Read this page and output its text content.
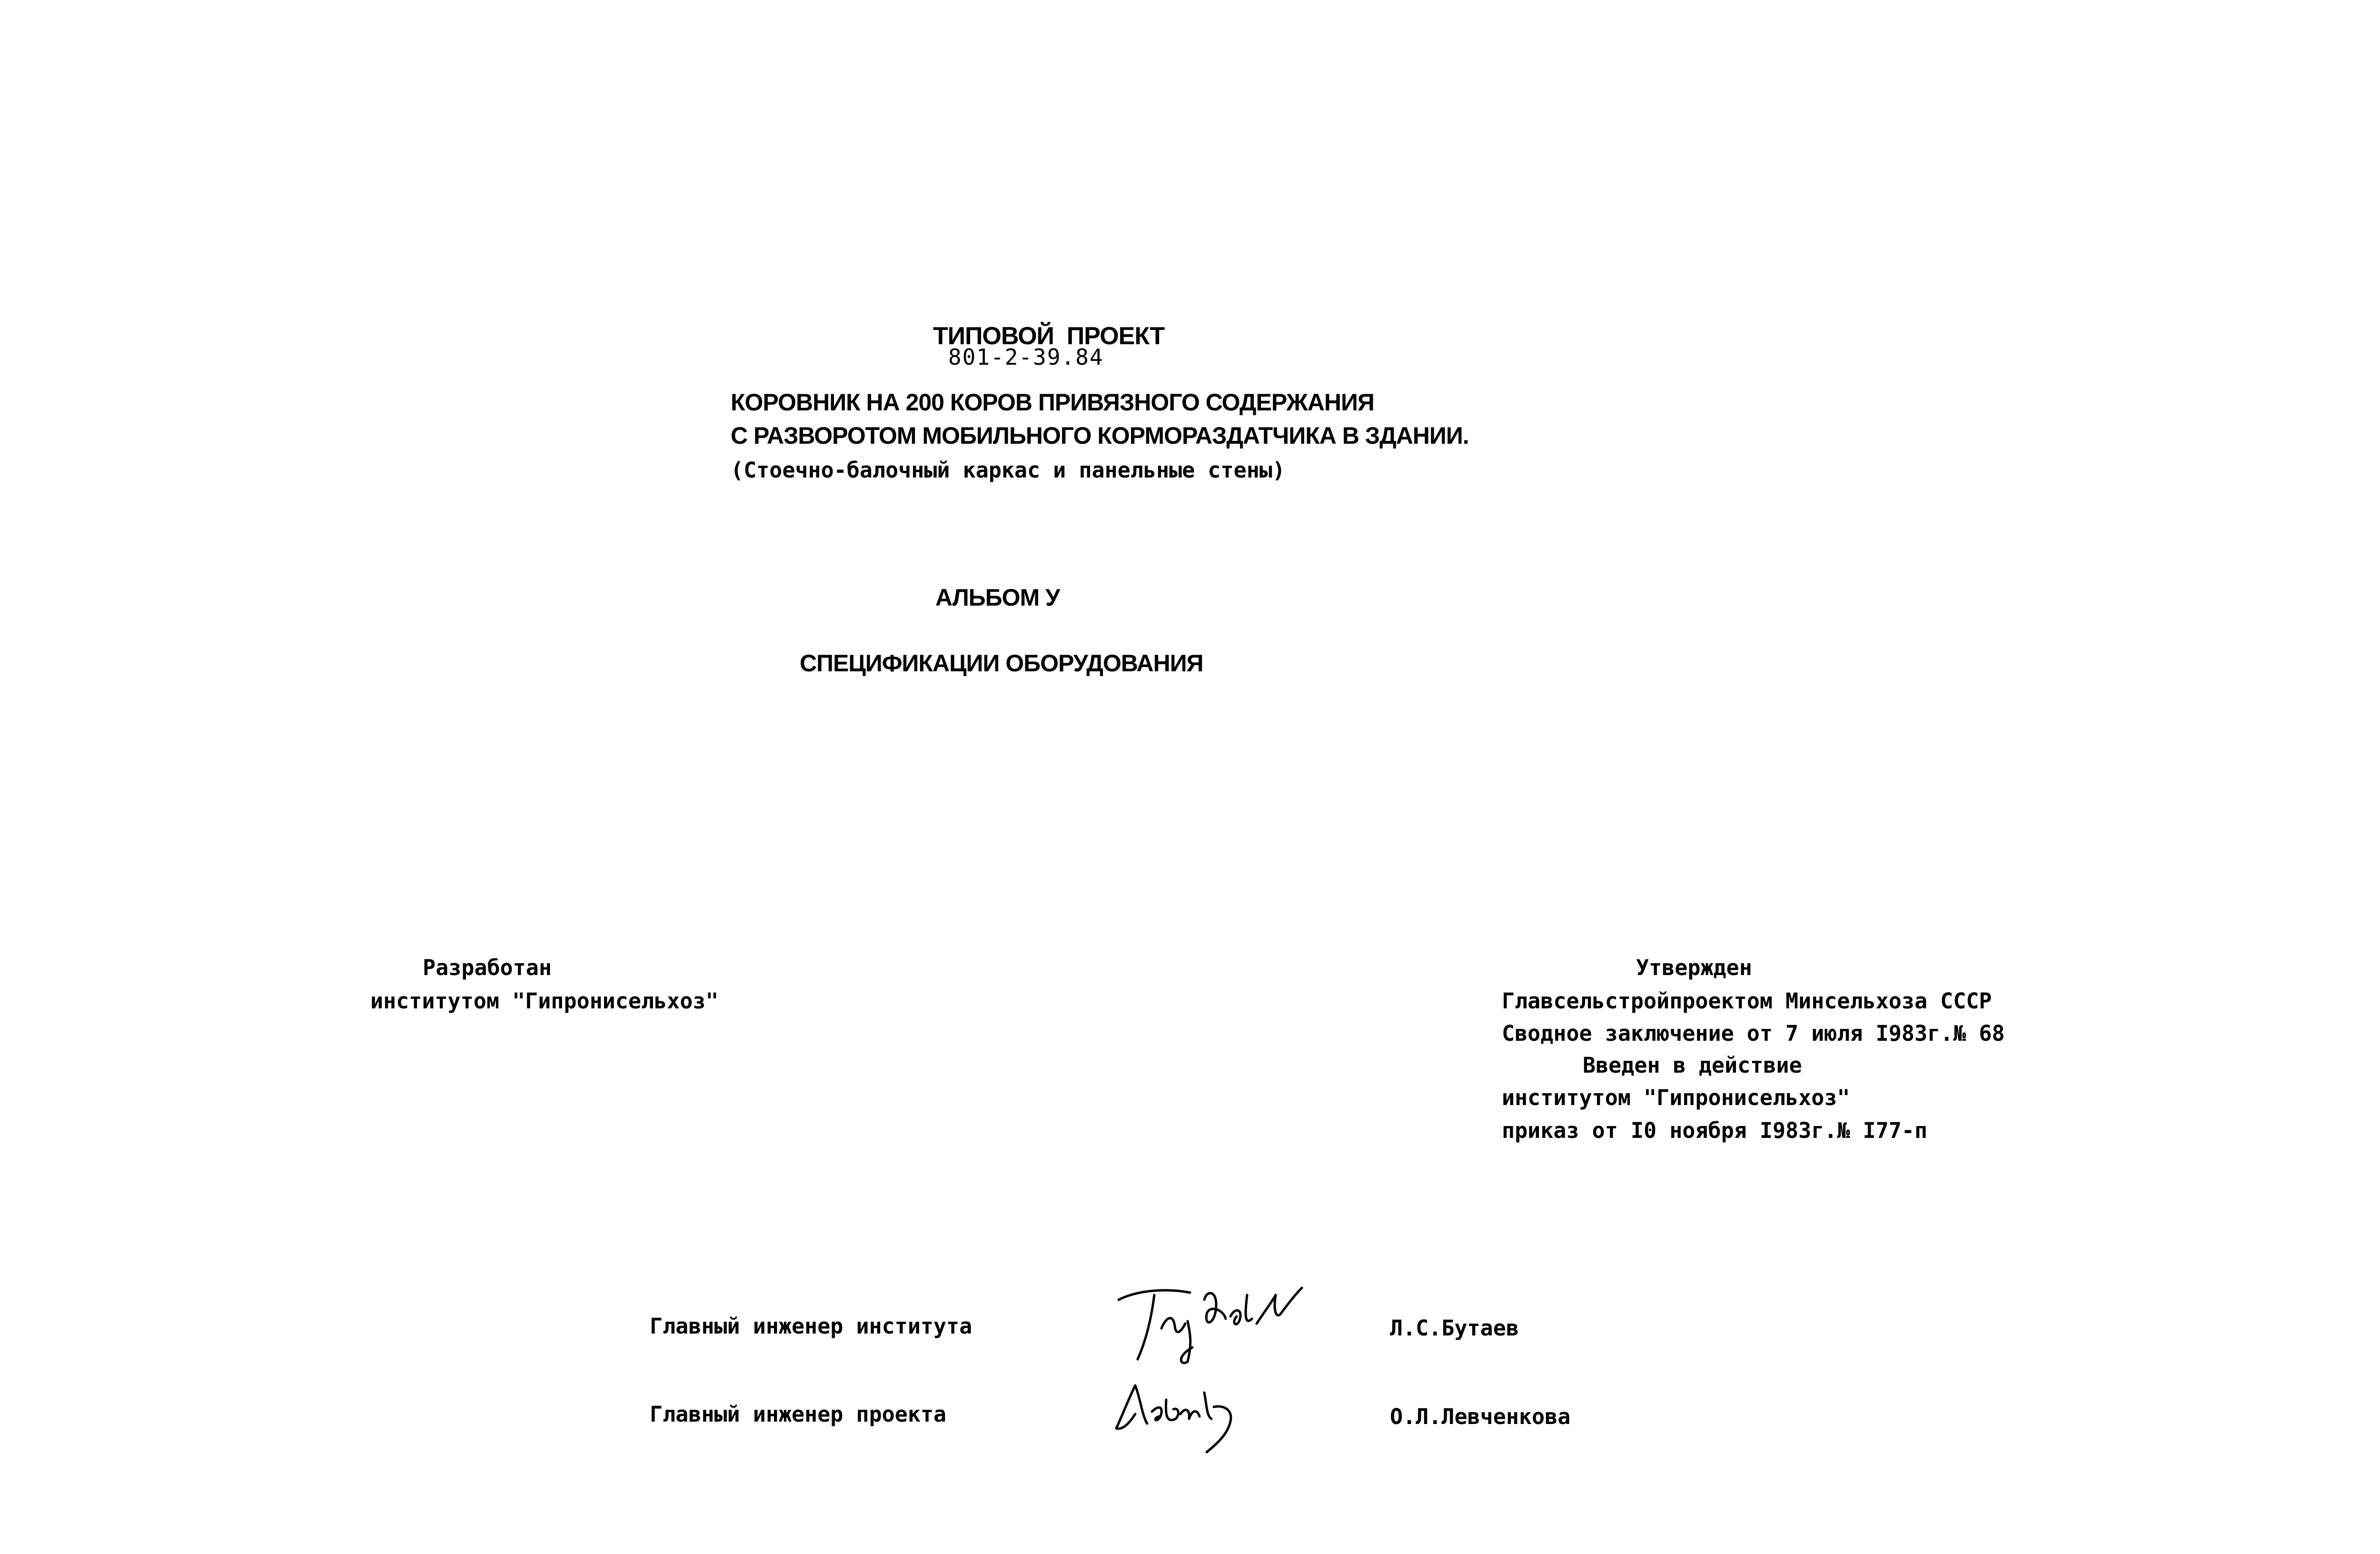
ТИПОВОЙ  ПРОЕКТ
801-2-39.84
КОРОВНИК НА 200 КОРОВ ПРИВЯЗНОГО СОДЕРЖАНИЯ
С РАЗВОРОТОМ МОБИЛЬНОГО КОРМОРАЗДАТЧИКА В ЗДАНИИ.
(Стоечно-балочный каркас и панельные стены)
АЛЬБОМ У
СПЕЦИФИКАЦИИ ОБОРУДОВАНИЯ
Разработан
институтом "Гипронисельхоз"
Утвержден
Главсельстройпроектом Минсельхоза СССР
Сводное заключение от 7 июля I983г.№ 68
Введен в действие
институтом "Гипронисельхоз"
приказ от I0 ноября I983г.№ I77-п
Главный инженер института	Л.С.Бутаев
Главный инженер проекта	О.Л.Левченкова
